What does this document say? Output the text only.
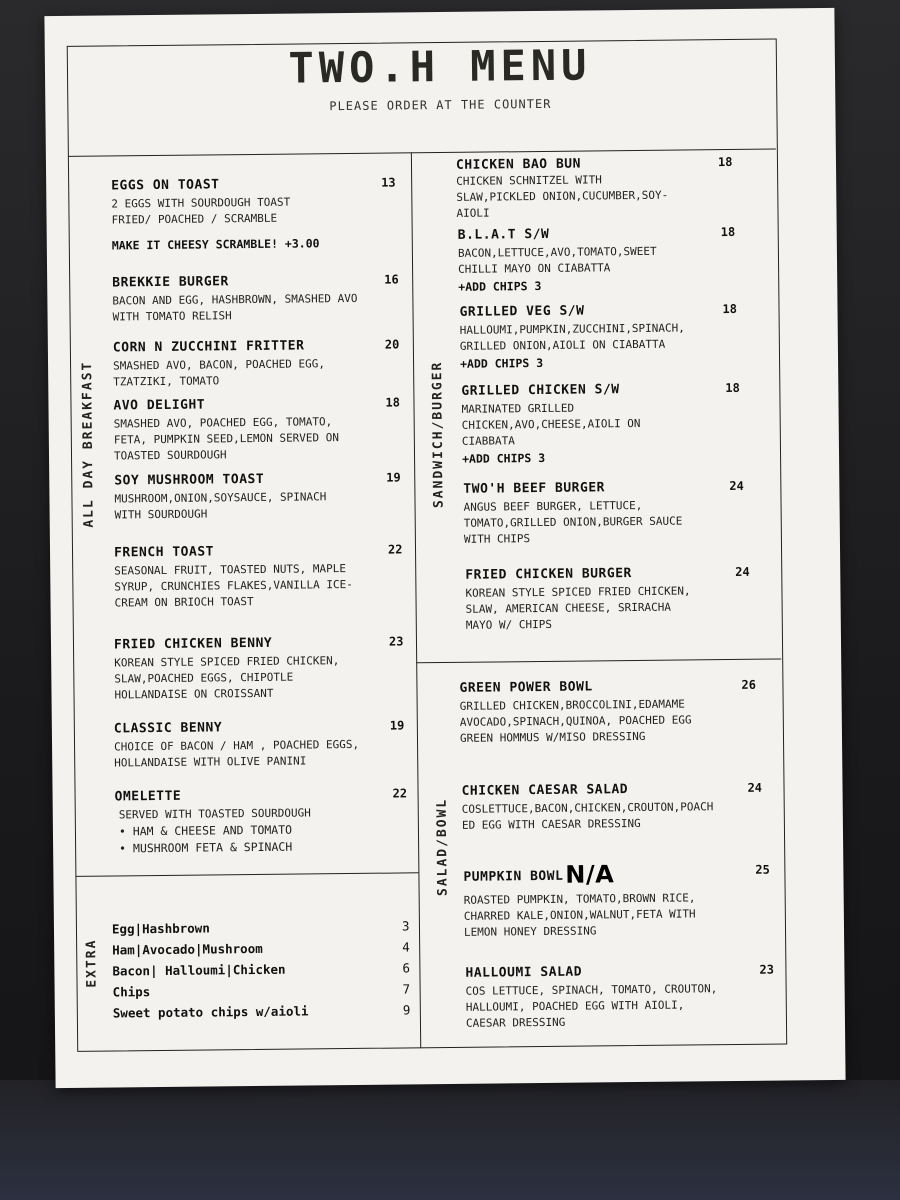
TWO.H MENU
PLEASE ORDER AT THE COUNTER
ALL DAY BREAKFAST	SANDWICH/BURGER
SALAD/BOWL
EXTRA
EGGS ON TOAST	13
2 EGGS WITH SOURDOUGH TOAST
FRIED/ POACHED / SCRAMBLE
MAKE IT CHEESY SCRAMBLE! +3.00
BREKKIE BURGER	16
BACON AND EGG, HASHBROWN, SMASHED AVO
WITH TOMATO RELISH
CORN N ZUCCHINI FRITTER	20
SMASHED AVO, BACON, POACHED EGG,
TZATZIKI, TOMATO
AVO DELIGHT	18
SMASHED AVO, POACHED EGG, TOMATO,
FETA, PUMPKIN SEED,LEMON SERVED ON
TOASTED SOURDOUGH
SOY MUSHROOM TOAST	19
MUSHROOM,ONION,SOYSAUCE, SPINACH
WITH SOURDOUGH
FRENCH TOAST	22
SEASONAL FRUIT, TOASTED NUTS, MAPLE
SYRUP, CRUNCHIES FLAKES,VANILLA ICE-
CREAM ON BRIOCH TOAST
FRIED CHICKEN BENNY	23
KOREAN STYLE SPICED FRIED CHICKEN,
SLAW,POACHED EGGS, CHIPOTLE
HOLLANDAISE ON CROISSANT
CLASSIC BENNY	19
CHOICE OF BACON / HAM , POACHED EGGS,
HOLLANDAISE WITH OLIVE PANINI
OMELETTE	22
SERVED WITH TOASTED SOURDOUGH
• HAM & CHEESE AND TOMATO
• MUSHROOM FETA & SPINACH
Egg|Hashbrown	3
Ham|Avocado|Mushroom	4
Bacon| Halloumi|Chicken	6
Chips	7
Sweet potato chips w/aioli	9
CHICKEN BAO BUN	18
CHICKEN SCHNITZEL WITH
SLAW,PICKLED ONION,CUCUMBER,SOY-
AIOLI
B.L.A.T S/W	18
BACON,LETTUCE,AVO,TOMATO,SWEET
CHILLI MAYO ON CIABATTA
+ADD CHIPS 3
GRILLED VEG S/W	18
HALLOUMI,PUMPKIN,ZUCCHINI,SPINACH,
GRILLED ONION,AIOLI ON CIABATTA
+ADD CHIPS 3
GRILLED CHICKEN S/W	18
MARINATED GRILLED
CHICKEN,AVO,CHEESE,AIOLI ON
CIABBATA
+ADD CHIPS 3
TWO'H BEEF BURGER	24
ANGUS BEEF BURGER, LETTUCE,
TOMATO,GRILLED ONION,BURGER SAUCE
WITH CHIPS
FRIED CHICKEN BURGER	24
KOREAN STYLE SPICED FRIED CHICKEN,
SLAW, AMERICAN CHEESE, SRIRACHA
MAYO W/ CHIPS
GREEN POWER BOWL	26
GRILLED CHICKEN,BROCCOLINI,EDAMAME
AVOCADO,SPINACH,QUINOA, POACHED EGG
GREEN HOMMUS W/MISO DRESSING
CHICKEN CAESAR SALAD	24
COSLETTUCE,BACON,CHICKEN,CROUTON,POACH
ED EGG WITH CAESAR DRESSING
PUMPKIN BOWLN/A	25
ROASTED PUMPKIN, TOMATO,BROWN RICE,
CHARRED KALE,ONION,WALNUT,FETA WITH
LEMON HONEY DRESSING
HALLOUMI SALAD	23
COS LETTUCE, SPINACH, TOMATO, CROUTON,
HALLOUMI, POACHED EGG WITH AIOLI,
CAESAR DRESSING
